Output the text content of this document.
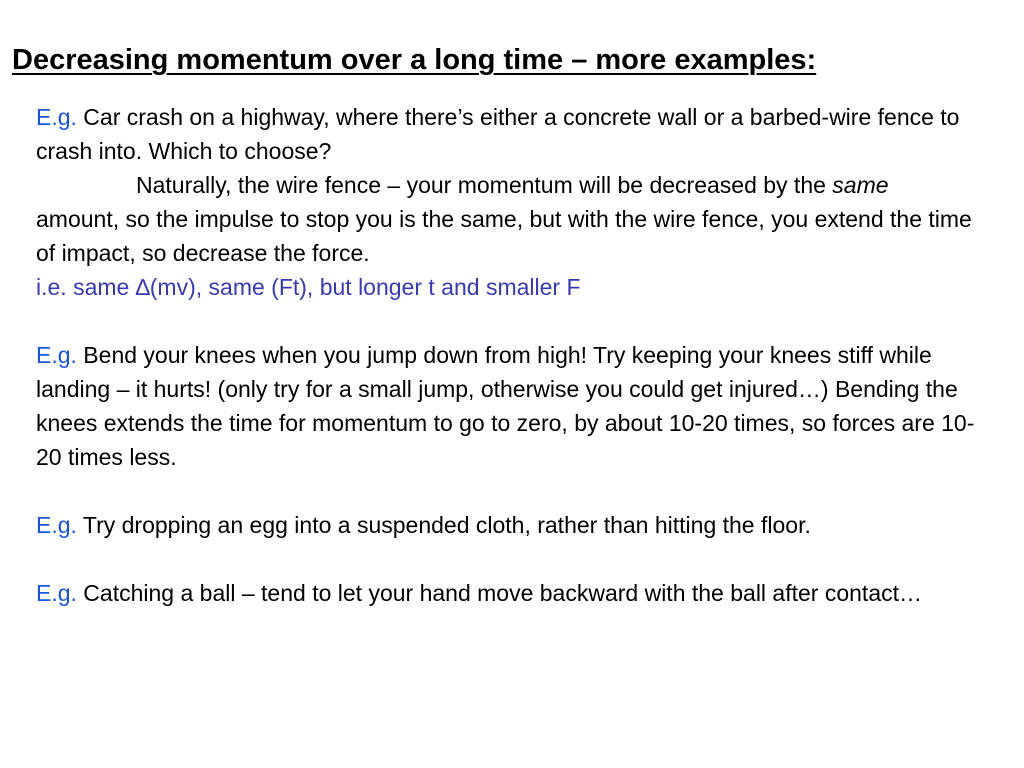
Decreasing momentum over a long time – more examples:

E.g. Car crash on a highway, where there’s either a concrete wall or a barbed-wire fence to crash into. Which to choose?

Naturally, the wire fence – your momentum will be decreased by the same amount, so the impulse to stop you is the same, but with the wire fence, you extend the time of impact, so decrease the force.

i.e. same ∆(mv), same (Ft), but longer t and smaller F

E.g. Bend your knees when you jump down from high! Try keeping your knees stiff while landing – it hurts! (only try for a small jump, otherwise you could get injured…) Bending the knees extends the time for momentum to go to zero, by about 10-20 times, so forces are 10-20 times less.

E.g. Try dropping an egg into a suspended cloth, rather than hitting the floor.

E.g. Catching a ball – tend to let your hand move backward with the ball after contact…
